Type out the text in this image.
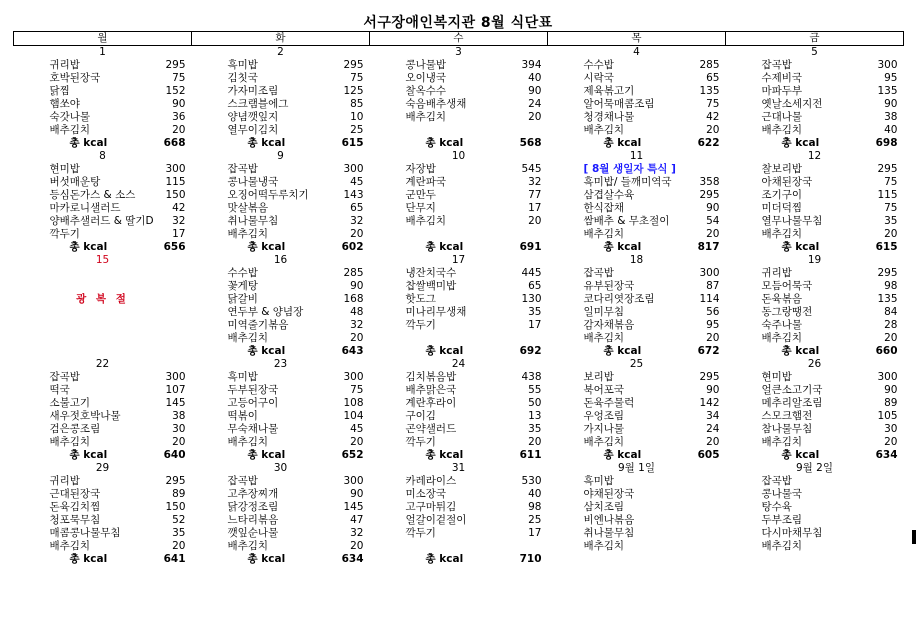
서구장애인복지관 8월 식단표
월	화	수	목	금
1	2	3	4	5

귀리밥 295	흑미밥 295	콩나물밥 394	수수밥 285	잡곡밥 300

호박된장국 75	김칫국 75	오이냉국 40	시락국 65	수제비국 95

닭찜 152	가자미조림 125	찰옥수수 90	제육볶고기 135	마파두부 135

햄쏘야 90	스크램블에그 85	숙음배추생채 24	알어묵매콤조림 75	옛날소세지전 90

숙갓나물 36	양념깻잎지 10	배추김치 20	청경채나물 42	근대나물 38

배추김치 20	열무이김치 25		배추김치 20	배추김치 40

총 kcal 668	총 kcal 615	총 kcal 568	총 kcal 622	총 kcal 698

8	9	10	11	12

현미밥 300	잡곡밥 300	자장밥 545	[ 8월 생일자 특식 ]	찰보리밥 295

버섯매운탕 115	콩나물냉국 45	계란파국 32	흑미밥/ 들깨미역국 358	아채된장국 75

등심돈가스 & 소스 150	오징어떡두루치기 143	군만두 77	삼겹살수육 295	조기구이 115

마카로니샐러드 42	맛살볶음 65	단무지 17	한식잡채 90	미더덕찜 75

양배추샐러드 & 딸기D 32	취나물무침 32	배추김치 20	쌈배추 & 무초절이 54	열무나물무침 35

깍두기 17	배추김치 20		배추김치 20	배추김치 20

총 kcal 656	총 kcal 602	총 kcal 691	총 kcal 817	총 kcal 615

15	16	17	18	19

	수수밥 285	냉잔치국수 445	잡곡밥 300	귀리밥 295

	꽃게탕 90	찹쌀백미밥 65	유부된장국 87	모듬어묵국 98

광 복 절	닭갈비 168	핫도그 130	코다리엿장조림 114	돈육볶음 135

	연두부 & 양념장 48	미나리무생채 35	일미무침 56	동그랑땡전 84

	미역줄기볶음 32	깍두기 17	감자채볶음 95	숙주나물 28

	배추김치 20		배추김치 20	배추김치 20

	총 kcal 643	총 kcal 692	총 kcal 672	총 kcal 660

22	23	24	25	26

잡곡밥 300	흑미밥 300	김치볶음밥 438	보리밥 295	현미밥 300

떡국 107	두부된장국 75	배추맑은국 55	북어포국 90	얼큰소고기국 90

소불고기 145	고등어구이 108	계란후라이 50	돈육주물럭 142	메추리알조림 89

새우젓호박나물 38	떡볶이 104	구이김 13	우엉조림 34	스모크햄전 105

검은콩조림 30	무숙채나물 45	곤약샐러드 35	가지나물 24	참나물무침 30

배추김치 20	배추김치 20	깍두기 20	배추김치 20	배추김치 20

총 kcal 640	총 kcal 652	총 kcal 611	총 kcal 605	총 kcal 634

29	30	31	9월 1일	9월 2일

귀리밥 295	잡곡밥 300	카레라이스 530	흑미밥	잡곡밥

근대된장국 89	고추장찌개 90	미소장국 40	야채된장국	콩나물국

돈육김치찜 150	닭강정조림 145	고구마튀김 98	삼치조림	탕수육

청포묵무침 52	느타리볶음 47	얼갈이겉절이 25	비엔나볶음	두부조림

매콤콩나물무침 35	깻잎순나물 32	깍두기 17	취나물무침	다시마채무침

배추김치 20	배추김치 20		배추김치	배추김치

총 kcal 641	총 kcal 634	총 kcal 710		
